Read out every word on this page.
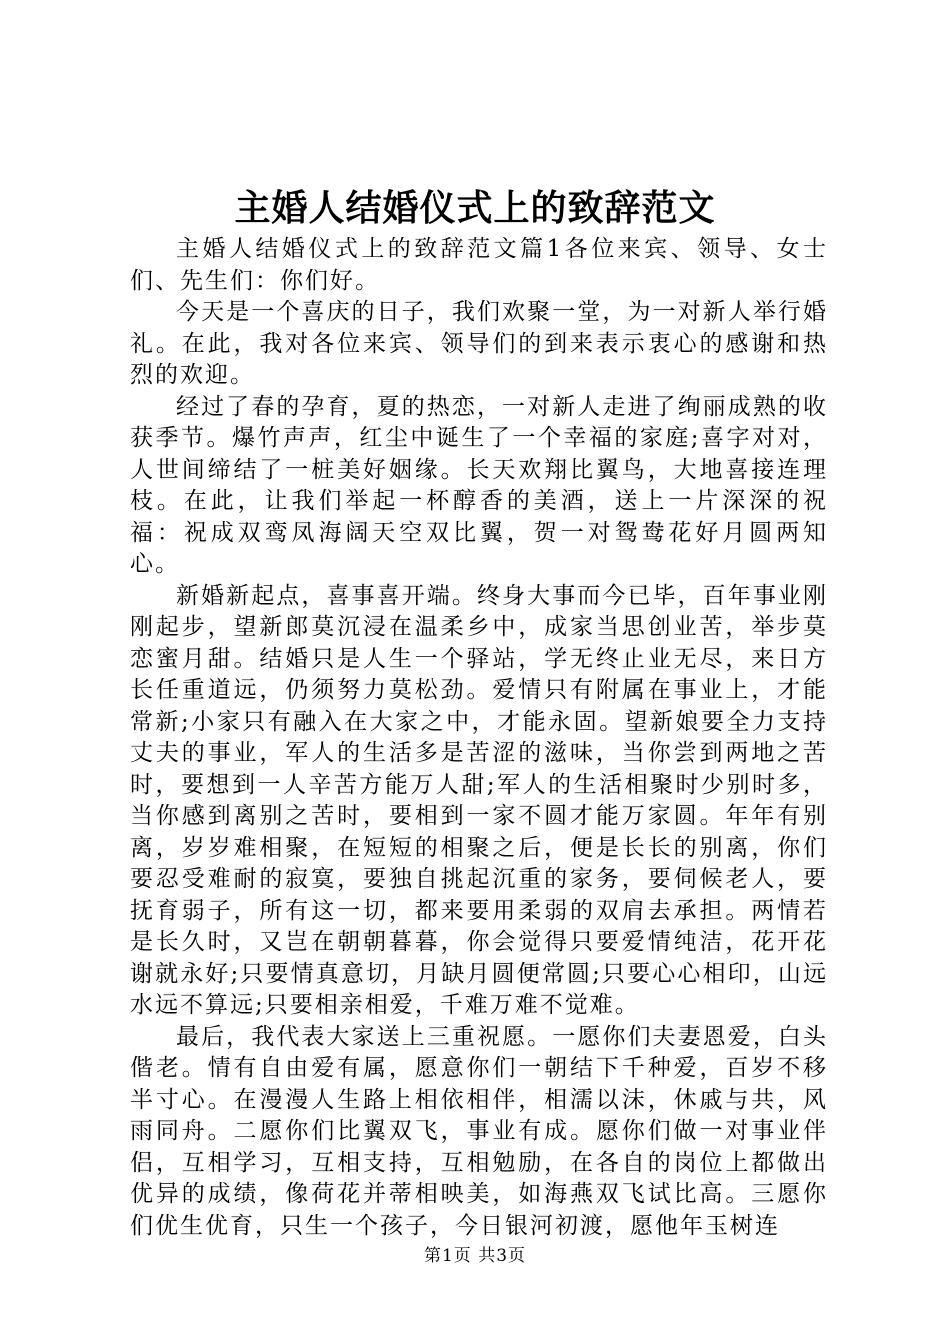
主婚人结婚仪式上的致辞范文

主婚人结婚仪式上的致辞范文篇1各位来宾、领导、女士们、先生们：你们好。

今天是一个喜庆的日子，我们欢聚一堂，为一对新人举行婚礼。在此，我对各位来宾、领导们的到来表示衷心的感谢和热烈的欢迎。

经过了春的孕育，夏的热恋，一对新人走进了绚丽成熟的收获季节。爆竹声声，红尘中诞生了一个幸福的家庭;喜字对对，人世间缔结了一桩美好姻缘。长天欢翔比翼鸟，大地喜接连理枝。在此，让我们举起一杯醇香的美酒，送上一片深深的祝福：祝成双鸾凤海阔天空双比翼，贺一对鸳鸯花好月圆两知心。

新婚新起点，喜事喜开端。终身大事而今已毕，百年事业刚刚起步，望新郎莫沉浸在温柔乡中，成家当思创业苦，举步莫恋蜜月甜。结婚只是人生一个驿站，学无终止业无尽，来日方长任重道远，仍须努力莫松劲。爱情只有附属在事业上，才能常新;小家只有融入在大家之中，才能永固。望新娘要全力支持丈夫的事业，军人的生活多是苦涩的滋味，当你尝到两地之苦时，要想到一人辛苦方能万人甜;军人的生活相聚时少别时多，当你感到离别之苦时，要相到一家不圆才能万家圆。年年有别离，岁岁难相聚，在短短的相聚之后，便是长长的别离，你们要忍受难耐的寂寞，要独自挑起沉重的家务，要伺候老人，要抚育弱子，所有这一切，都来要用柔弱的双肩去承担。两情若是长久时，又岂在朝朝暮暮，你会觉得只要爱情纯洁，花开花谢就永好;只要情真意切，月缺月圆便常圆;只要心心相印，山远水远不算远;只要相亲相爱，千难万难不觉难。

最后，我代表大家送上三重祝愿。一愿你们夫妻恩爱，白头偕老。情有自由爱有属，愿意你们一朝结下千种爱，百岁不移半寸心。在漫漫人生路上相依相伴，相濡以沫，休戚与共，风雨同舟。二愿你们比翼双飞，事业有成。愿你们做一对事业伴侣，互相学习，互相支持，互相勉励，在各自的岗位上都做出优异的成绩，像荷花并蒂相映美，如海燕双飞试比高。三愿你们优生优育，只生一个孩子，今日银河初渡，愿他年玉树连

第1页 共3页
